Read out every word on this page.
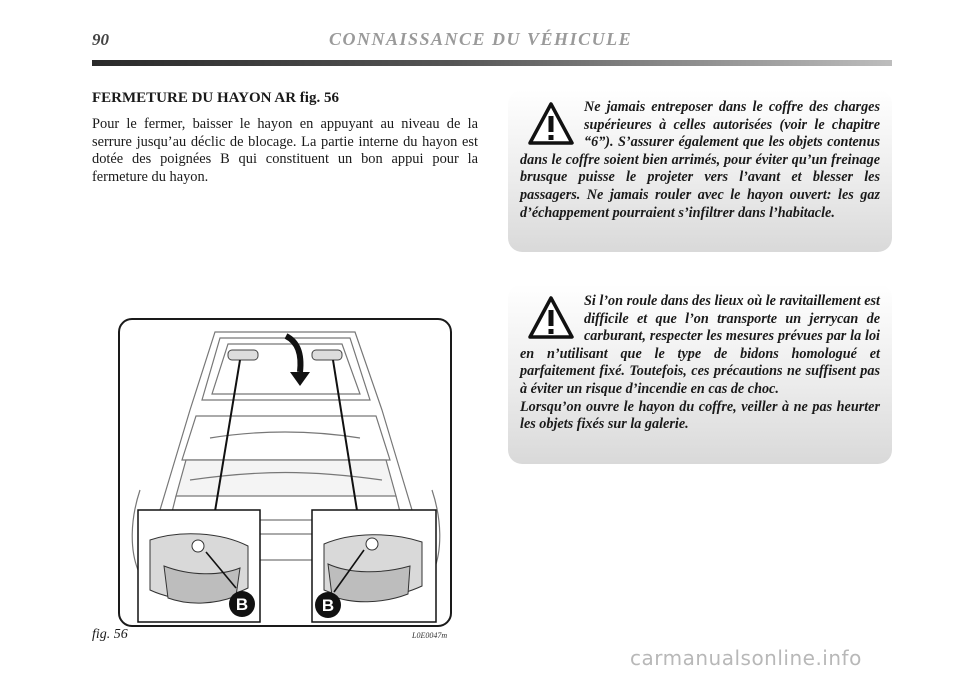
90	CONNAISSANCE DU VÉHICULE
FERMETURE DU HAYON AR fig. 56
Pour le fermer, baisser le hayon en appuyant au niveau de la serrure jusqu’au déclic de blocage. La partie interne du hayon est dotée des poignées B qui constituent un bon appui pour la fermeture du hayon.
Ne jamais entreposer dans le coffre des charges supérieures à celles autorisées (voir le chapitre “6”). S’assurer également que les objets contenus dans le coffre soient bien arrimés, pour éviter qu’un freinage brusque puisse le projeter vers l’avant et blesser les passagers. Ne jamais rouler avec le hayon ouvert: les gaz d’échappement pourraient s’infiltrer dans l’habitacle.

Si l’on roule dans des lieux où le ravitaillement est difficile et que l’on transporte un jerrycan de carburant, respecter les mesures prévues par la loi en n’utilisant que le type de bidons homologué et parfaitement fixé. Toutefois, ces précautions ne suffisent pas à éviter un risque d’incendie en cas de choc.

Lorsqu’on ouvre le hayon du coffre, veiller à ne pas heurter les objets fixés sur la galerie.

B	B
fig. 56	L0E0047m
carmanualsonline.info
